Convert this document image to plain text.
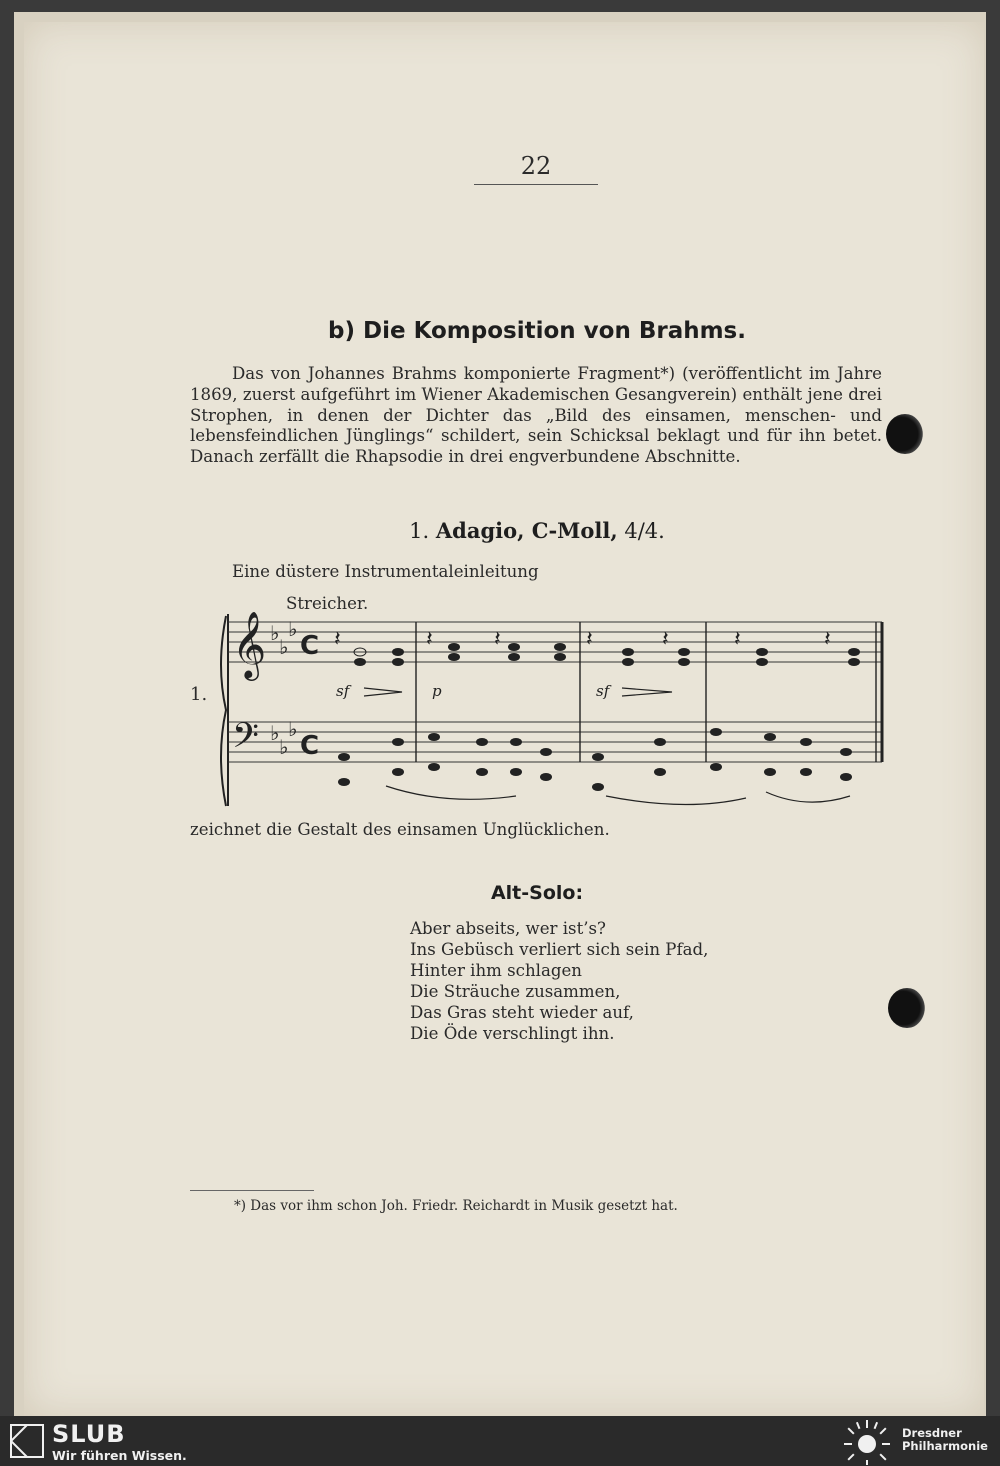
22
b) Die Komposition von Brahms.

Das von Johannes Brahms komponierte Fragment*) (veröffentlicht im Jahre 1869, zuerst aufgeführt im Wiener Akademischen Gesangverein) enthält jene drei Strophen, in denen der Dichter das „Bild des einsamen, menschen- und lebensfeindlichen Jünglings“ schildert, sein Schicksal beklagt und für ihn betet. Danach zerfällt die Rhapsodie in drei engverbundene Abschnitte.

1. Adagio, C-Moll, 4/4.
Eine düstere Instrumentaleinleitung
Streicher.
1.
𝄞
𝄢
♭
♭
♭
♭
♭
♭
C
C
𝄽	𝄽	𝄽	𝄽	𝄽	𝄽	𝄽
sf	p	sf
zeichnet die Gestalt des einsamen Unglücklichen.
Alt-Solo:
Aber abseits, wer ist’s?
Ins Gebüsch verliert sich sein Pfad,
Hinter ihm schlagen
Die Sträuche zusammen,
Das Gras steht wieder auf,
Die Öde verschlingt ihn.
*) Das vor ihm schon Joh. Friedr. Reichardt in Musik gesetzt hat.
SLUB
Wir führen Wissen.
Dresdner
Philharmonie
